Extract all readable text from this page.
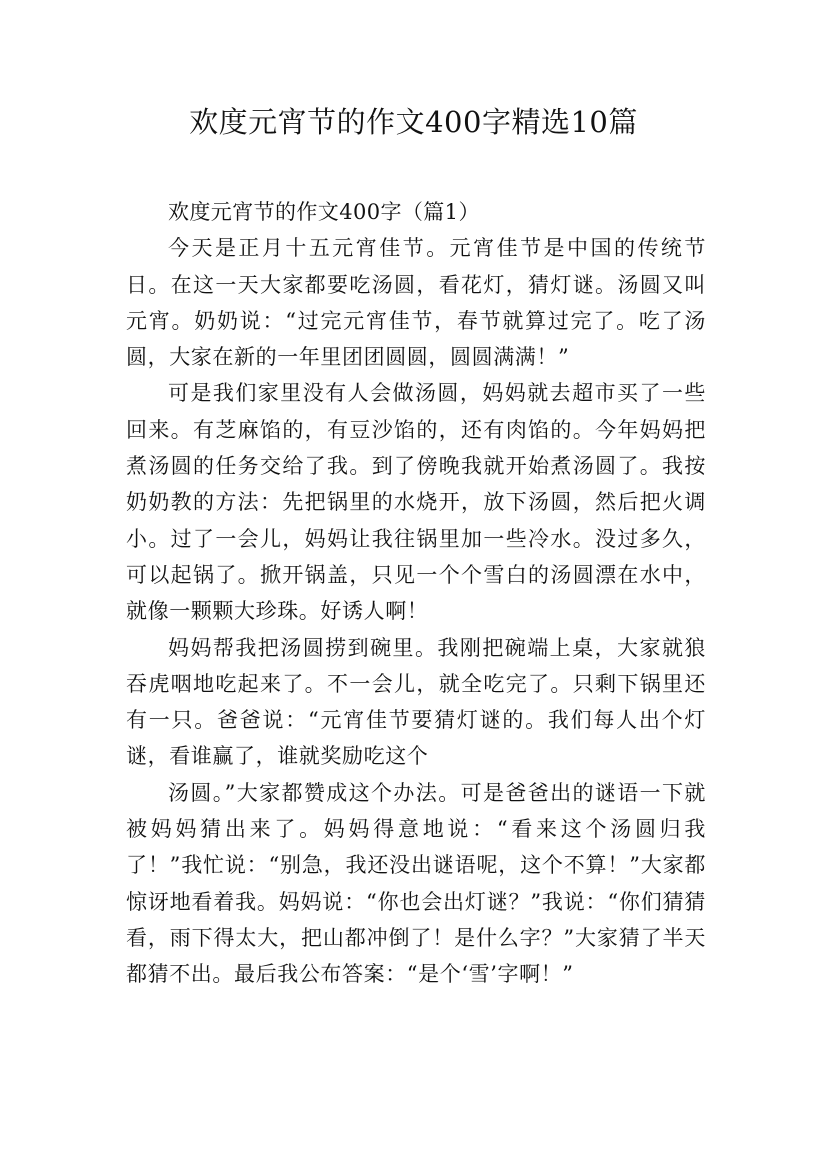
欢度元宵节的作文400字精选10篇

欢度元宵节的作文400字（篇1）

今天是正月十五元宵佳节。元宵佳节是中国的传统节日。在这一天大家都要吃汤圆，看花灯，猜灯谜。汤圆又叫元宵。奶奶说：“过完元宵佳节，春节就算过完了。吃了汤圆，大家在新的一年里团团圆圆，圆圆满满！”

可是我们家里没有人会做汤圆，妈妈就去超市买了一些回来。有芝麻馅的，有豆沙馅的，还有肉馅的。今年妈妈把煮汤圆的任务交给了我。到了傍晚我就开始煮汤圆了。我按奶奶教的方法：先把锅里的水烧开，放下汤圆，然后把火调小。过了一会儿，妈妈让我往锅里加一些冷水。没过多久，可以起锅了。掀开锅盖，只见一个个雪白的汤圆漂在水中，就像一颗颗大珍珠。好诱人啊！

妈妈帮我把汤圆捞到碗里。我刚把碗端上桌，大家就狼吞虎咽地吃起来了。不一会儿，就全吃完了。只剩下锅里还有一只。爸爸说：“元宵佳节要猜灯谜的。我们每人出个灯谜，看谁赢了，谁就奖励吃这个

汤圆。”大家都赞成这个办法。可是爸爸出的谜语一下就被妈妈猜出来了。妈妈得意地说：“看来这个汤圆归我了！”我忙说：“别急，我还没出谜语呢，这个不算！”大家都惊讶地看着我。妈妈说：“你也会出灯谜？”我说：“你们猜猜看，雨下得太大，把山都冲倒了！是什么字？”大家猜了半天都猜不出。最后我公布答案：“是个‘雪’字啊！”
